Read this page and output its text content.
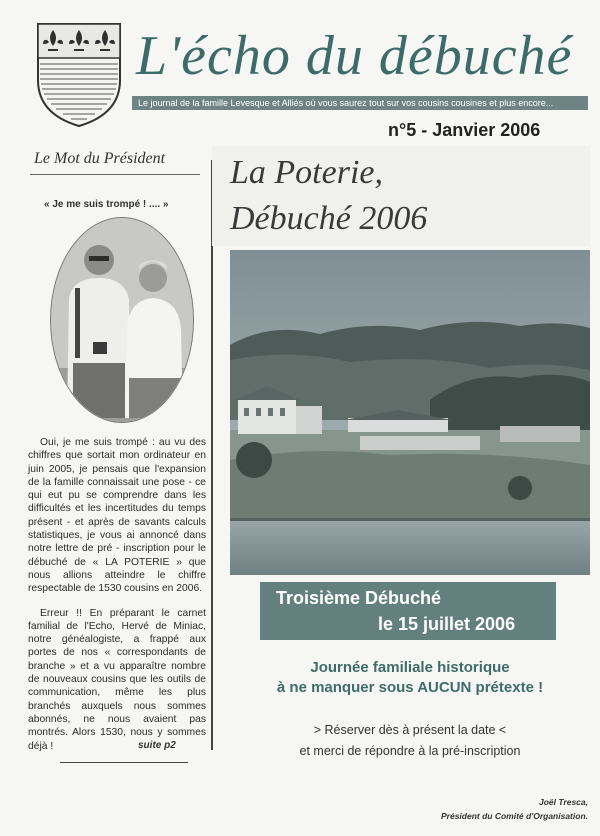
L'écho du débuché
Le journal de la famille Levesque et Alliés où vous saurez tout sur vos cousins cousines et plus encore...
n°5 - Janvier 2006
Le Mot du Président
« Je me suis trompé ! .... »

Oui, je me suis trompé : au vu des chiffres que sortait mon ordinateur en juin 2005, je pensais que l'expansion de la famille connaissait une pose - ce qui eut pu se comprendre dans les difficultés et les incertitudes du temps présent - et après de savants calculs statistiques, je vous ai annoncé dans notre lettre de pré - inscription pour le débuché de « LA POTERIE » que nous allions atteindre le chiffre respectable de 1530 cousins en 2006.

Erreur !! En préparant le carnet familial de l'Echo, Hervé de Miniac, notre généalogiste, a frappé aux portes de nos « correspondants de branche » et a vu apparaître nombre de nouveaux cousins que les outils de communication, même les plus branchés auxquels nous sommes abonnés, ne nous avaient pas montrés. Alors 1530, nous y sommes déjà !	suite p2
La Poterie,
Débuché 2006
Troisième Débuché
le 15 juillet 2006
Journée familiale historique
à ne manquer sous AUCUN prétexte !
> Réserver dès à présent la date <
et merci de répondre à la pré-inscription
Joël Tresca,
Président du Comité d'Organisation.
